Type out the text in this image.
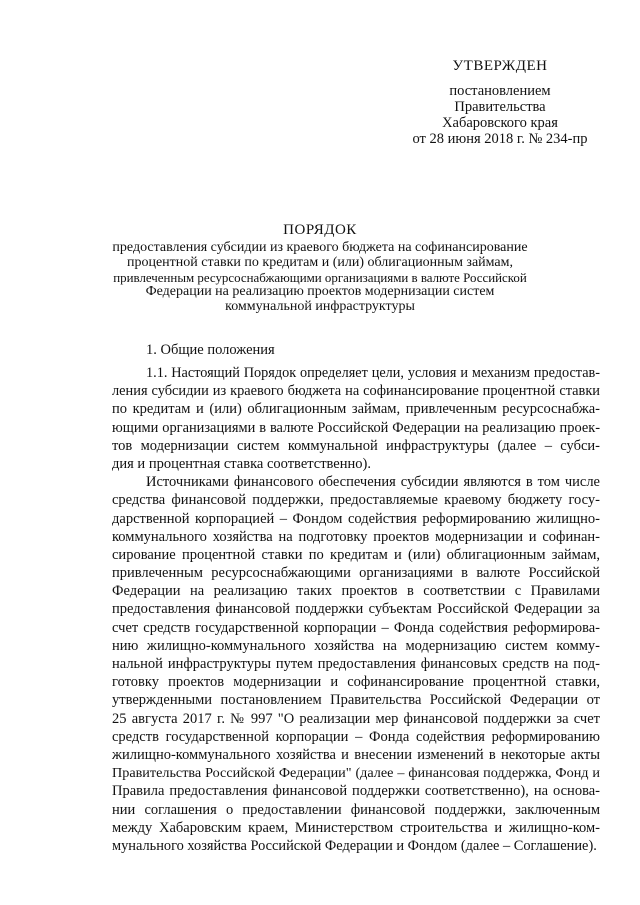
УТВЕРЖДЕН
постановлением
Правительства
Хабаровского края
от 28 июня 2018 г. № 234-пр
ПОРЯДОК
предоставления субсидии из краевого бюджета на софинансирование
процентной ставки по кредитам и (или) облигационным займам,
привлеченным ресурсоснабжающими организациями в валюте Российской
Федерации на реализацию проектов модернизации систем
коммунальной инфраструктуры
1. Общие положения
1.1. Настоящий Порядок определяет цели, условия и механизм предостав-
ления субсидии из краевого бюджета на софинансирование процентной ставки
по кредитам и (или) облигационным займам, привлеченным ресурсоснабжа-
ющими организациями в валюте Российской Федерации на реализацию проек-
тов модернизации систем коммунальной инфраструктуры (далее – субси-
дия и процентная ставка соответственно).
Источниками финансового обеспечения субсидии являются в том числе
средства финансовой поддержки, предоставляемые краевому бюджету госу-
дарственной корпорацией – Фондом содействия реформированию жилищно-
коммунального хозяйства на подготовку проектов модернизации и софинан-
сирование процентной ставки по кредитам и (или) облигационным займам,
привлеченным ресурсоснабжающими организациями в валюте Российской
Федерации на реализацию таких проектов в соответствии с Правилами
предоставления финансовой поддержки субъектам Российской Федерации за
счет средств государственной корпорации – Фонда содействия реформирова-
нию жилищно-коммунального хозяйства на модернизацию систем комму-
нальной инфраструктуры путем предоставления финансовых средств на под-
готовку проектов модернизации и софинансирование процентной ставки,
утвержденными постановлением Правительства Российской Федерации от
25 августа 2017 г. № 997 "О реализации мер финансовой поддержки за счет
средств государственной корпорации – Фонда содействия реформированию
жилищно-коммунального хозяйства и внесении изменений в некоторые акты
Правительства Российской Федерации" (далее – финансовая поддержка, Фонд и
Правила предоставления финансовой поддержки соответственно), на основа-
нии соглашения о предоставлении финансовой поддержки, заключенным
между Хабаровским краем, Министерством строительства и жилищно-ком-
мунального хозяйства Российской Федерации и Фондом (далее – Соглашение).
